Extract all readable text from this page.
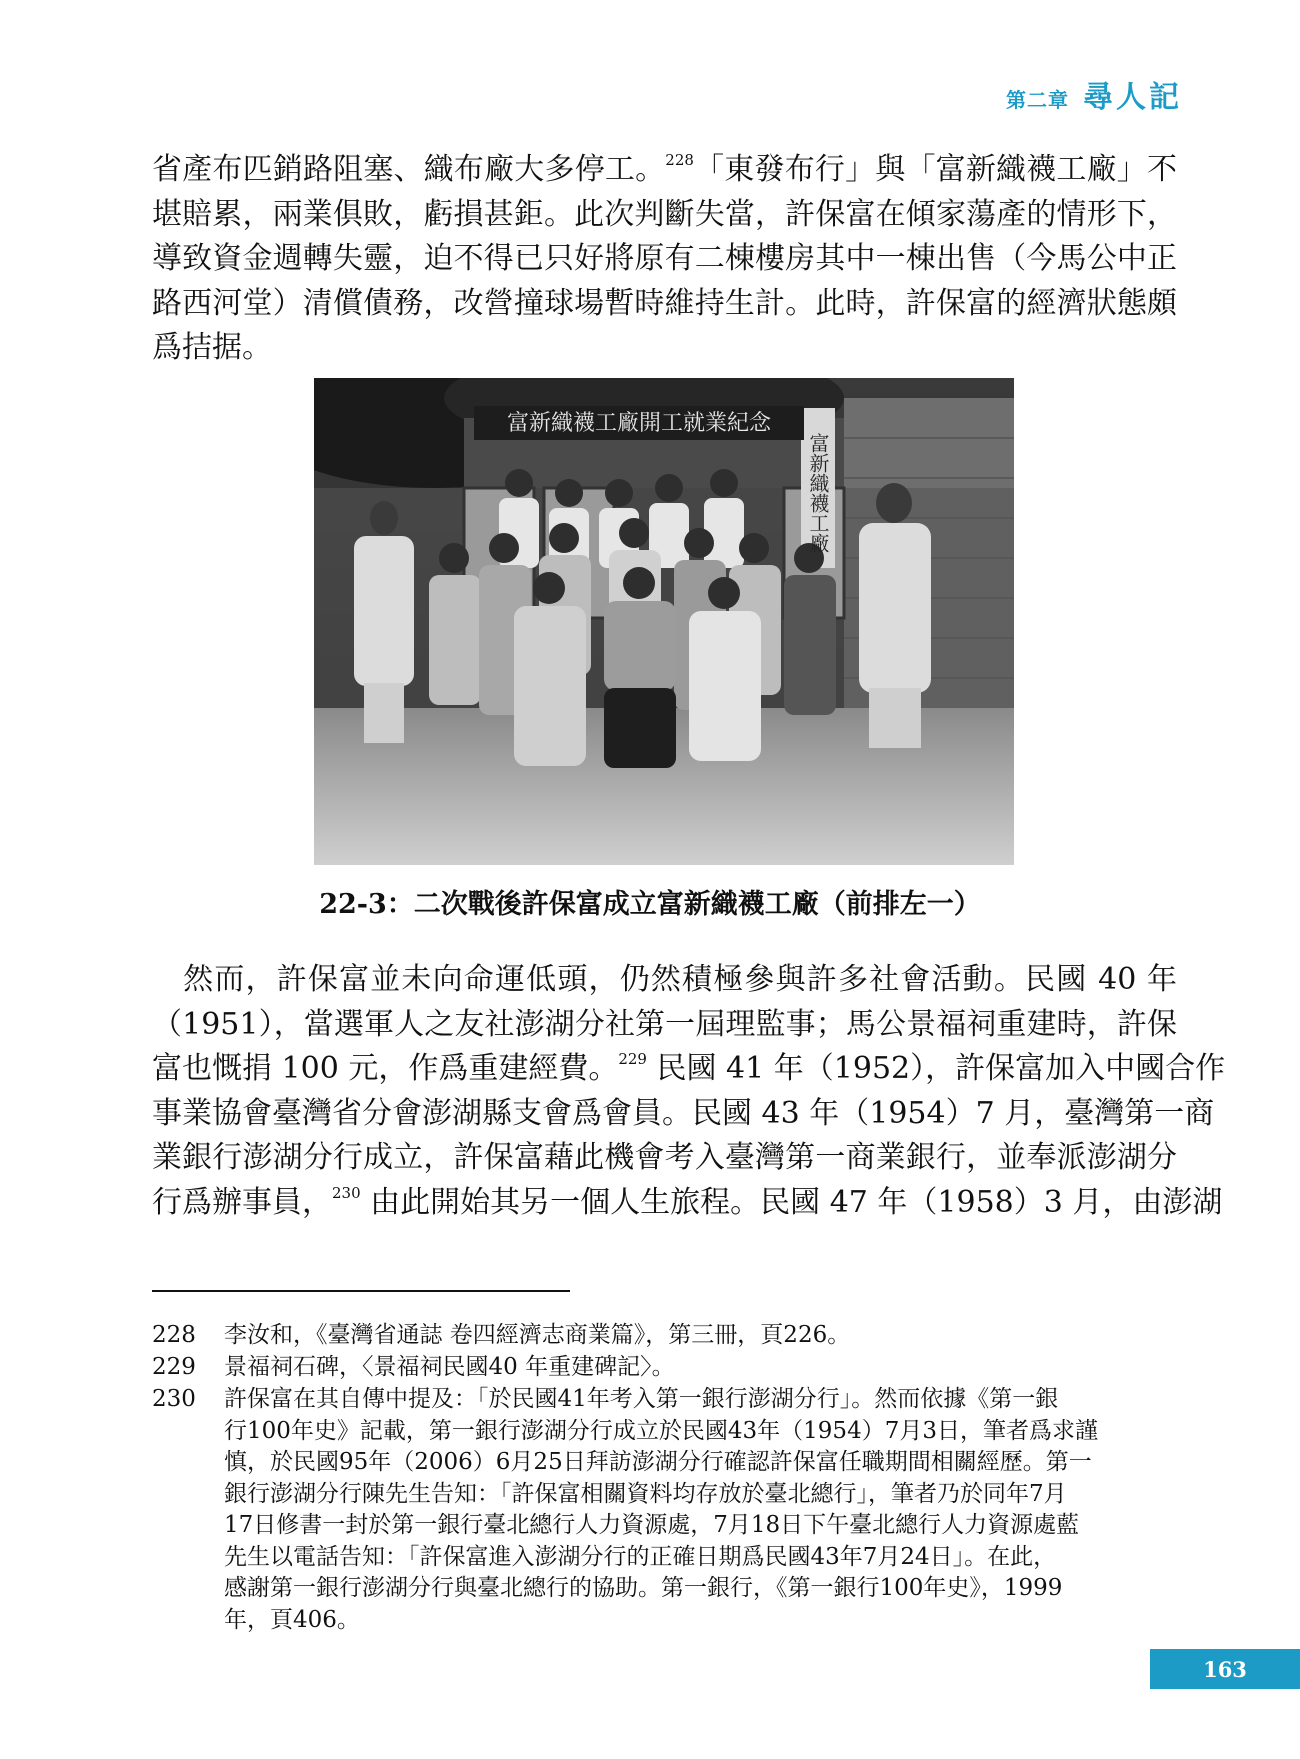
第二章 尋人記
省產布匹銷路阻塞、織布廠大多停工。$^{228}$「東發布行」與「富新織襪工廠」不
堪賠累，兩業俱敗，虧損甚鉅。此次判斷失當，許保富在傾家蕩產的情形下，
導致資金週轉失靈，迫不得已只好將原有二棟樓房其中一棟出售（今馬公中正
路西河堂）清償債務，改營撞球場暫時維持生計。此時，許保富的經濟狀態頗
爲拮据。
富新織襪工廠開工就業紀念
富新織襪工廠
22-3：二次戰後許保富成立富新織襪工廠（前排左一）
　然而，許保富並未向命運低頭，仍然積極參與許多社會活動。民國 40 年
（1951），當選軍人之友社澎湖分社第一屆理監事；馬公景福祠重建時，許保
富也慨捐 100 元，作爲重建經費。$^{229}$ 民國 41 年（1952），許保富加入中國合作
事業協會臺灣省分會澎湖縣支會爲會員。民國 43 年（1954）7 月，臺灣第一商
業銀行澎湖分行成立，許保富藉此機會考入臺灣第一商業銀行，並奉派澎湖分
行爲辦事員，$^{230}$ 由此開始其另一個人生旅程。民國 47 年（1958）3 月，由澎湖
228	李汝和，《臺灣省通誌 卷四經濟志商業篇》，第三冊，頁226。
229	景福祠石碑，〈景福祠民國40 年重建碑記〉。
230	許保富在其自傳中提及：「於民國41年考入第一銀行澎湖分行」。然而依據《第一銀
行100年史》記載，第一銀行澎湖分行成立於民國43年（1954）7月3日，筆者爲求謹
慎，於民國95年（2006）6月25日拜訪澎湖分行確認許保富任職期間相關經歷。第一
銀行澎湖分行陳先生告知：「許保富相關資料均存放於臺北總行」，筆者乃於同年7月
17日修書一封於第一銀行臺北總行人力資源處，7月18日下午臺北總行人力資源處藍
先生以電話告知：「許保富進入澎湖分行的正確日期爲民國43年7月24日」。在此，
感謝第一銀行澎湖分行與臺北總行的協助。第一銀行，《第一銀行100年史》，1999
年，頁406。
163
